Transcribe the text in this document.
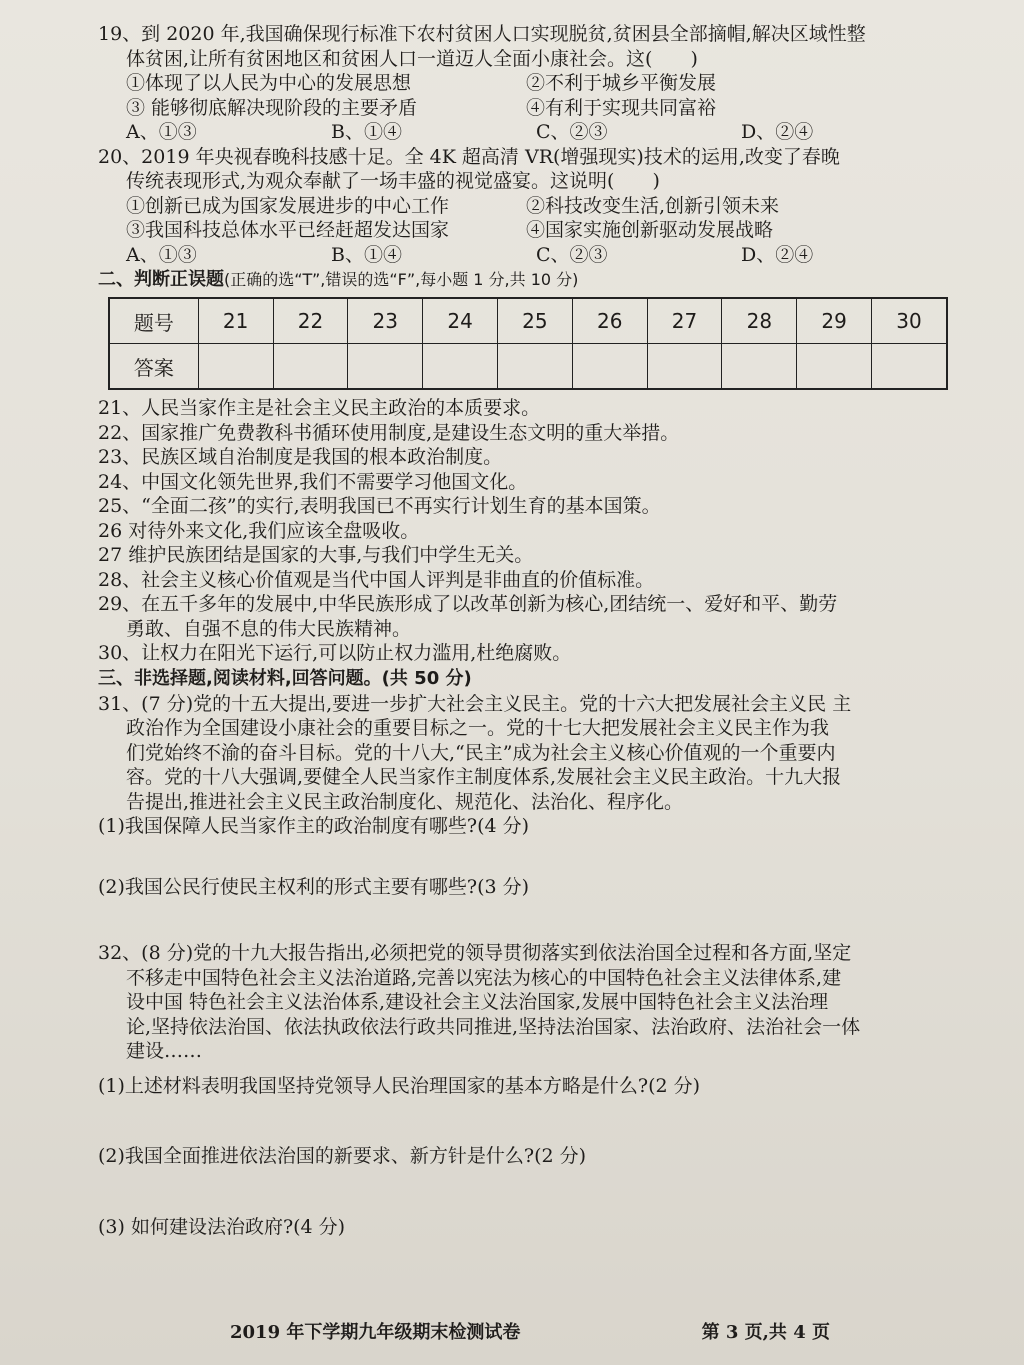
19、到 2020 年,我国确保现行标准下农村贫困人口实现脱贫,贫困县全部摘帽,解决区域性整
体贫困,让所有贫困地区和贫困人口一道迈人全面小康社会。这(　　)
①体现了以人民为中心的发展思想	②不利于城乡平衡发展
③ 能够彻底解决现阶段的主要矛盾	④有利于实现共同富裕
A、①③	B、①④	C、②③	D、②④
20、2019 年央视春晚科技感十足。全 4K 超高清 VR(增强现实)技术的运用,改变了春晚
传统表现形式,为观众奉献了一场丰盛的视觉盛宴。这说明(　　)
①创新已成为国家发展进步的中心工作	②科技改变生活,创新引领未来
③我国科技总体水平已经赶超发达国家	④国家实施创新驱动发展战略
A、①③	B、①④	C、②③	D、②④
二、判断正误题(正确的选“T”,错误的选“F”,每小题 1 分,共 10 分)
题号	21	22	23	24	25	26	27	28	29	30
答案										
21、人民当家作主是社会主义民主政治的本质要求。
22、国家推广免费教科书循环使用制度,是建设生态文明的重大举措。
23、民族区域自治制度是我国的根本政治制度。
24、中国文化领先世界,我们不需要学习他国文化。
25、“全面二孩”的实行,表明我国已不再实行计划生育的基本国策。
26 对待外来文化,我们应该全盘吸收。
27 维护民族团结是国家的大事,与我们中学生无关。
28、社会主义核心价值观是当代中国人评判是非曲直的价值标准。
29、在五千多年的发展中,中华民族形成了以改革创新为核心,团结统一、爱好和平、勤劳
勇敢、自强不息的伟大民族精神。
30、让权力在阳光下运行,可以防止权力滥用,杜绝腐败。
三、非选择题,阅读材料,回答问题。(共 50 分)
31、(7 分)党的十五大提出,要进一步扩大社会主义民主。党的十六大把发展社会主义民 主
政治作为全国建设小康社会的重要目标之一。党的十七大把发展社会主义民主作为我
们党始终不渝的奋斗目标。党的十八大,“民主”成为社会主义核心价值观的一个重要内
容。党的十八大强调,要健全人民当家作主制度体系,发展社会主义民主政治。十九大报
告提出,推进社会主义民主政治制度化、规范化、法治化、程序化。
(1)我国保障人民当家作主的政治制度有哪些?(4 分)
(2)我国公民行使民主权利的形式主要有哪些?(3 分)
32、(8 分)党的十九大报告指出,必须把党的领导贯彻落实到依法治国全过程和各方面,坚定
不移走中国特色社会主义法治道路,完善以宪法为核心的中国特色社会主义法律体系,建
设中国 特色社会主义法治体系,建设社会主义法治国家,发展中国特色社会主义法治理
论,坚持依法治国、依法执政依法行政共同推进,坚持法治国家、法治政府、法治社会一体
建设……
(1)上述材料表明我国坚持党领导人民治理国家的基本方略是什么?(2 分)
(2)我国全面推进依法治国的新要求、新方针是什么?(2 分)
(3) 如何建设法治政府?(4 分)
2019 年下学期九年级期末检测试卷	第 3 页,共 4 页
